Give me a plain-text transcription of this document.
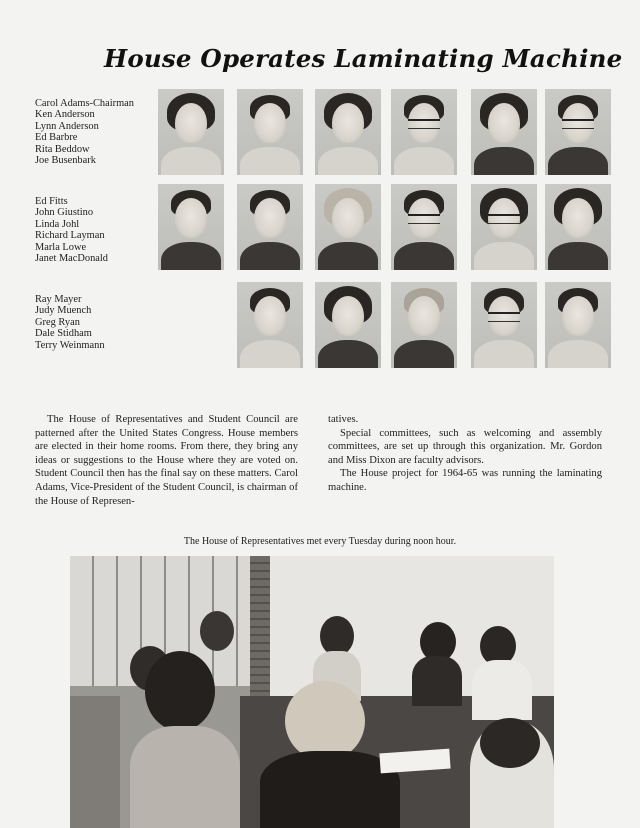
House Operates Laminating Machine
Carol Adams-Chairman
Ken Anderson
Lynn Anderson
Ed Barbre
Rita Beddow
Joe Busenbark
Ed Fitts
John Giustino
Linda Johl
Richard Layman
Marla Lowe
Janet MacDonald
Ray Mayer
Judy Muench
Greg Ryan
Dale Stidham
Terry Weinmann

The House of Representatives and Student Council are patterned after the United States Congress. House members are elected in their home rooms. From there, they bring any ideas or suggestions to the House where they are voted on. Student Council then has the final say on these matters. Carol Adams, Vice-President of the Student Council, is chairman of the House of Represen-

tatives.

Special committees, such as welcoming and assembly committees, are set up through this organization. Mr. Gordon and Miss Dixon are faculty advisors.

The House project for 1964-65 was running the laminating machine.

The House of Representatives met every Tuesday during noon hour.
